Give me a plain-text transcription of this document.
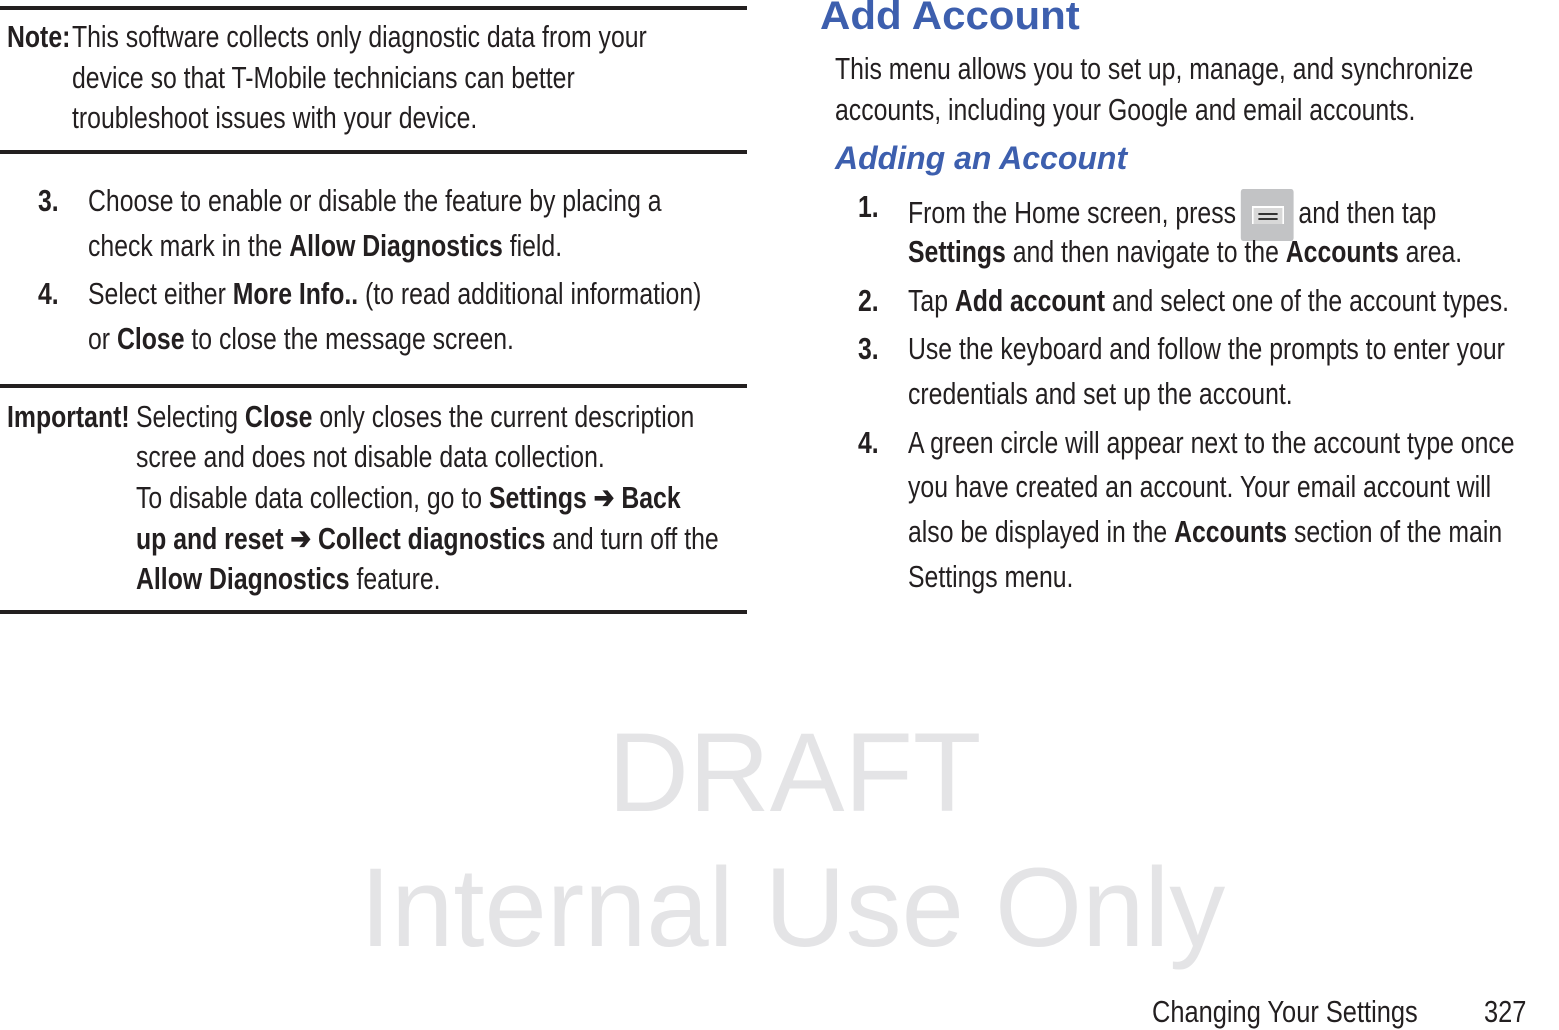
DRAFT
Internal Use Only
Note: This software collects only diagnostic data from your
device so that T-Mobile technicians can better
troubleshoot issues with your device.
3. Choose to enable or disable the feature by placing a
check mark in the Allow Diagnostics field.
4. Select either More Info.. (to read additional information)
or Close to close the message screen.
Important! Selecting Close only closes the current description
scree and does not disable data collection.
To disable data collection, go to Settings ➔ Back
up and reset ➔ Collect diagnostics and turn off the
Allow Diagnostics feature.
Add Account
This menu allows you to set up, manage, and synchronize
accounts, including your Google and email accounts.
Adding an Account
1. From the Home screen, press and then tap
Settings and then navigate to the Accounts area.
2. Tap Add account and select one of the account types.
3. Use the keyboard and follow the prompts to enter your
credentials and set up the account.
4. A green circle will appear next to the account type once
you have created an account. Your email account will
also be displayed in the Accounts section of the main
Settings menu.
Changing Your Settings 327
